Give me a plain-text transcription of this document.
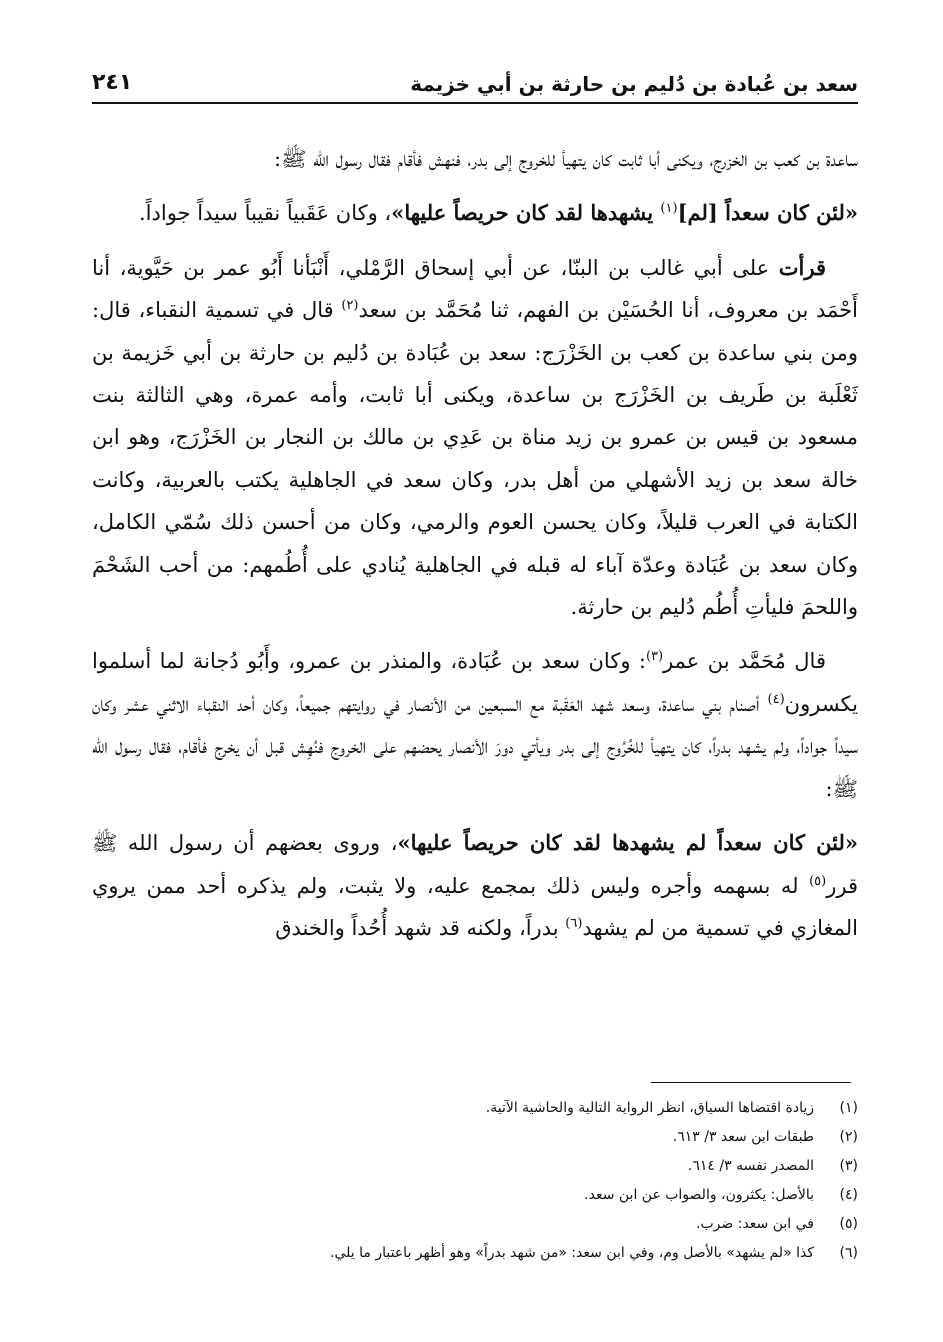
سعد بن عُبادة بن دُليم بن حارثة بن أبي خزيمة
٢٤١

ساعدة بن كعب بن الخزرج، ويكنى أبا ثابت كان يتهيأ للخروج إلى بدر، فنهش فأقام فقال رسول الله ﷺ:

«لئن كان سعداً [لم]$^{(١)}$ يشهدها لقد كان حريصاً عليها»، وكان عَقَبياً نقيباً سيداً جواداً.

قرأت على أبي غالب بن البنّا، عن أبي إسحاق الرَّمْلي، أَنْبَأنا أَبُو عمر بن حَيَّوية، أنا أَحْمَد بن معروف، أنا الحُسَيْن بن الفهم، ثنا مُحَمَّد بن سعد$^{(٢)}$ قال في تسمية النقباء، قال: ومن بني ساعدة بن كعب بن الخَزْرَج: سعد بن عُبَادة بن دُليم بن حارثة بن أبي خَزيمة بن ثَعْلَبة بن طَريف بن الخَزْرَج بن ساعدة، ويكنى أبا ثابت، وأمه عمرة، وهي الثالثة بنت مسعود بن قيس بن عمرو بن زيد مناة بن عَدِي بن مالك بن النجار بن الخَزْرَج، وهو ابن خالة سعد بن زيد الأشهلي من أهل بدر، وكان سعد في الجاهلية يكتب بالعربية، وكانت الكتابة في العرب قليلاً، وكان يحسن العوم والرمي، وكان من أحسن ذلك سُمّي الكامل، وكان سعد بن عُبَادة وعدّة آباء له قبله في الجاهلية يُنادي على أُطُمهم: من أحب الشَحْمَ واللحمَ فليأتِ أُطُم دُليم بن حارثة.

قال مُحَمَّد بن عمر$^{(٣)}$: وكان سعد بن عُبَادة، والمنذر بن عمرو، وأَبُو دُجانة لما أسلموا يكسرون$^{(٤)}$ أصنام بني ساعدة، وسعد شهد العَقَبة مع السبعين من الأنصار في روايتهم جميعاً، وكان أحد النقباء الاثني عشر وكان سيداً جواداً، ولم يشهد بدراً، كان يتهيأ للخُرُوج إلى بدر ويأتي دورَ الأنصار يحضهم على الخروج فنُهِش قبل أن يخرج فأقام، فقال رسول الله ﷺ:

«لئن كان سعداً لم يشهدها لقد كان حريصاً عليها»، وروى بعضهم أن رسول الله ﷺ قرر$^{(٥)}$ له بسهمه وأجره وليس ذلك بمجمع عليه، ولا يثبت، ولم يذكره أحد ممن يروي المغازي في تسمية من لم يشهد$^{(٦)}$ بدراً، ولكنه قد شهد أُحُداً والخندق

(١)
زيادة اقتضاها السياق، انظر الرواية التالية والحاشية الآتية.
(٢)
طبقات ابن سعد ٣/ ٦١٣.
(٣)
المصدر نفسه ٣/ ٦١٤.
(٤)
بالأصل: يكثرون، والصواب عن ابن سعد.
(٥)
في ابن سعد: ضرب.
(٦)
كذا «لم يشهد» بالأصل وم، وفي ابن سعد: «من شهد بدراً» وهو أظهر باعتبار ما يلي.
